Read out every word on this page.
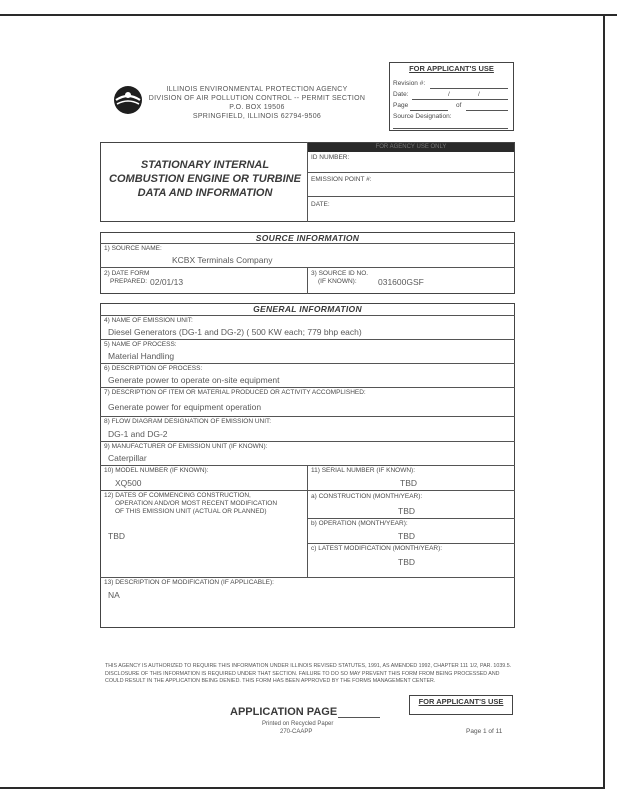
ILLINOIS ENVIRONMENTAL PROTECTION AGENCY
DIVISION OF AIR POLLUTION CONTROL -- PERMIT SECTION
P.O. BOX 19506
SPRINGFIELD, ILLINOIS 62794-9506
FOR APPLICANT'S USE
Revision #:
Date:	/	/
Page	of
Source Designation:
STATIONARY INTERNAL
COMBUSTION ENGINE OR TURBINE
DATA AND INFORMATION
FOR AGENCY USE ONLY
ID NUMBER:
EMISSION POINT #:
DATE:
SOURCE INFORMATION
1) SOURCE NAME:
KCBX Terminals Company
2) DATE FORM
PREPARED: 02/01/13
3) SOURCE ID NO.
(IF KNOWN):	031600GSF
GENERAL INFORMATION
4) NAME OF EMISSION UNIT:
Diesel Generators (DG-1 and DG-2) ( 500 KW each; 779 bhp each)
5) NAME OF PROCESS:
Material Handling
6) DESCRIPTION OF PROCESS:
Generate power to operate on-site equipment
7) DESCRIPTION OF ITEM OR MATERIAL PRODUCED OR ACTIVITY ACCOMPLISHED:
Generate power for equipment operation
8) FLOW DIAGRAM DESIGNATION OF EMISSION UNIT:
DG-1 and DG-2
9) MANUFACTURER OF EMISSION UNIT (IF KNOWN):
Caterpillar
10) MODEL NUMBER (IF KNOWN):
XQ500
11) SERIAL NUMBER (IF KNOWN):
TBD
12) DATES OF COMMENCING CONSTRUCTION,
OPERATION AND/OR MOST RECENT MODIFICATION
OF THIS EMISSION UNIT (ACTUAL OR PLANNED)
TBD
a) CONSTRUCTION (MONTH/YEAR):
TBD
b) OPERATION (MONTH/YEAR):
TBD
c) LATEST MODIFICATION (MONTH/YEAR):
TBD
13) DESCRIPTION OF MODIFICATION (IF APPLICABLE):
NA
THIS AGENCY IS AUTHORIZED TO REQUIRE THIS INFORMATION UNDER ILLINOIS REVISED STATUTES, 1991, AS AMENDED 1992, CHAPTER 111 1/2, PAR. 1039.5. DISCLOSURE OF THIS INFORMATION IS REQUIRED UNDER THAT SECTION. FAILURE TO DO SO MAY PREVENT THIS FORM FROM BEING PROCESSED AND COULD RESULT IN THE APPLICATION BEING DENIED. THIS FORM HAS BEEN APPROVED BY THE FORMS MANAGEMENT CENTER.
FOR APPLICANT'S USE
APPLICATION PAGE
Printed on Recycled Paper
270-CAAPP	Page 1 of 11
